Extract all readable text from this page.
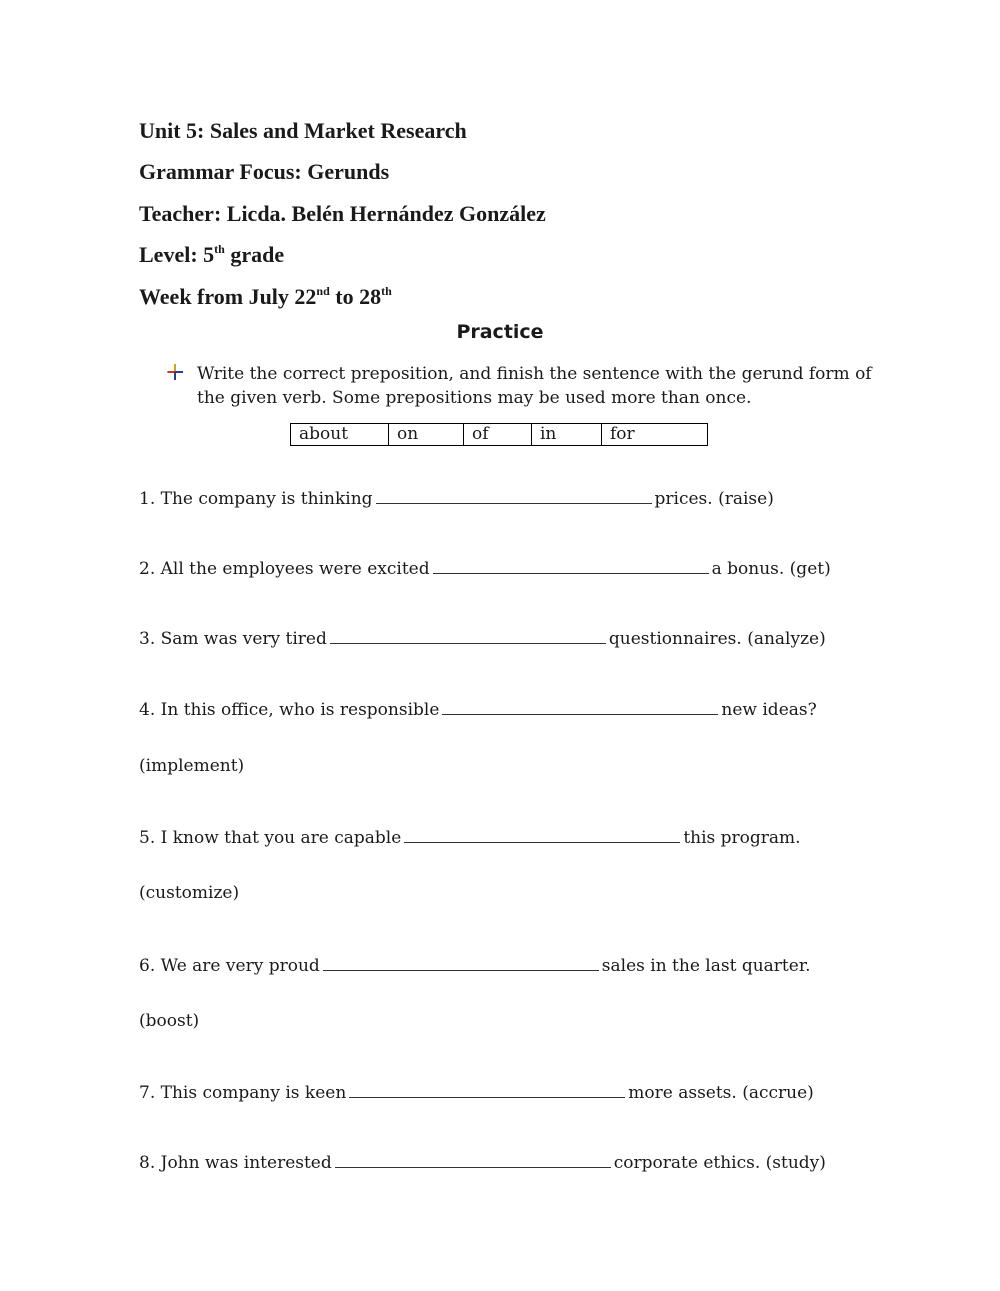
Unit 5: Sales and Market Research
Grammar Focus: Gerunds
Teacher: Licda. Belén Hernández González
Level: 5th grade
Week from July 22nd to 28th
Practice
Write the correct preposition, and finish the sentence with the gerund form of the given verb. Some prepositions may be used more than once.
about	on	of	in	for
1. The company is thinking	prices. (raise)
2. All the employees were excited	a bonus. (get)
3. Sam was very tired	questionnaires. (analyze)
4. In this office, who is responsible	new ideas?
(implement)
5. I know that you are capable	this program.
(customize)
6. We are very proud	sales in the last quarter.
(boost)
7. This company is keen	more assets. (accrue)
8. John was interested	corporate ethics. (study)
